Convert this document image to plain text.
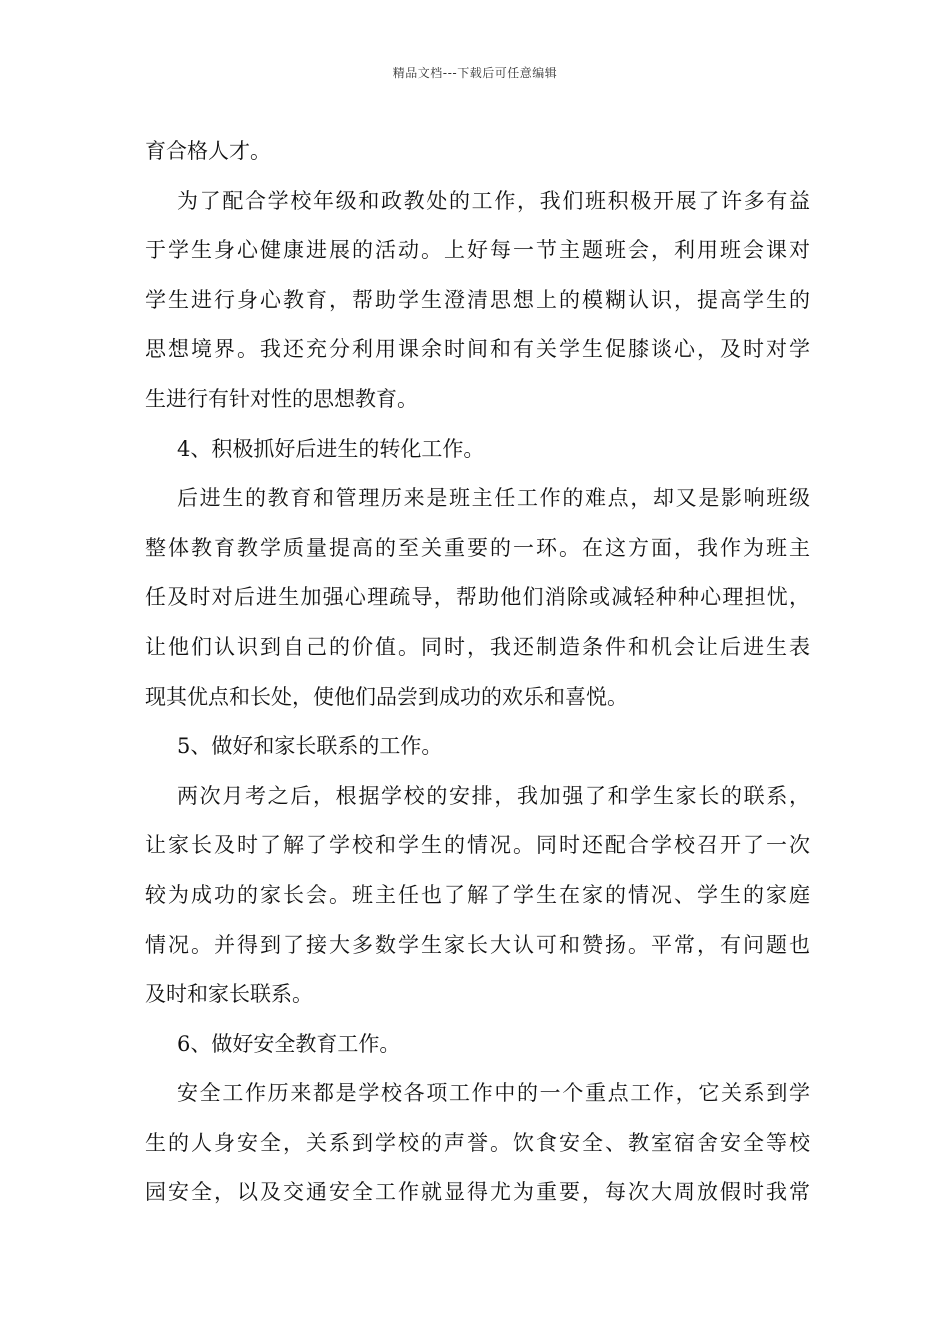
精品文档---下载后可任意编辑
育合格人才。
为了配合学校年级和政教处的工作，我们班积极开展了许多有益
于学生身心健康进展的活动。上好每一节主题班会，利用班会课对
学生进行身心教育，帮助学生澄清思想上的模糊认识，提高学生的
思想境界。我还充分利用课余时间和有关学生促膝谈心，及时对学
生进行有针对性的思想教育。
4、积极抓好后进生的转化工作。
后进生的教育和管理历来是班主任工作的难点，却又是影响班级
整体教育教学质量提高的至关重要的一环。在这方面，我作为班主
任及时对后进生加强心理疏导，帮助他们消除或减轻种种心理担忧，
让他们认识到自己的价值。同时，我还制造条件和机会让后进生表
现其优点和长处，使他们品尝到成功的欢乐和喜悦。
5、做好和家长联系的工作。
两次月考之后，根据学校的安排，我加强了和学生家长的联系，
让家长及时了解了学校和学生的情况。同时还配合学校召开了一次
较为成功的家长会。班主任也了解了学生在家的情况、学生的家庭
情况。并得到了接大多数学生家长大认可和赞扬。平常，有问题也
及时和家长联系。
6、做好安全教育工作。
安全工作历来都是学校各项工作中的一个重点工作，它关系到学
生的人身安全，关系到学校的声誉。饮食安全、教室宿舍安全等校
园安全，以及交通安全工作就显得尤为重要，每次大周放假时我常
